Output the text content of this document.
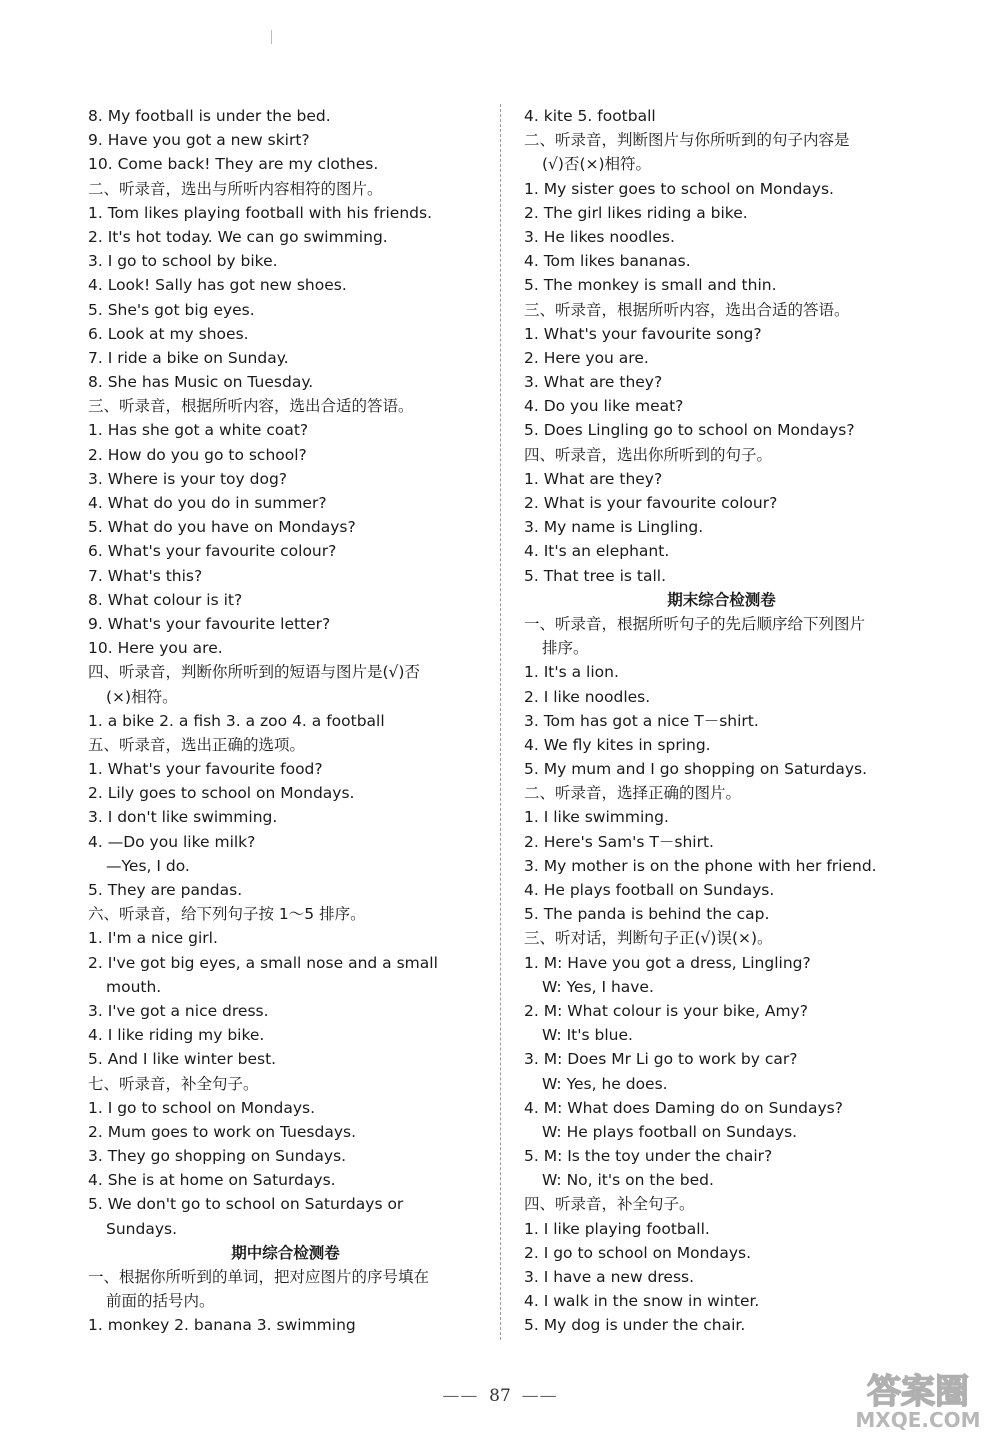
8. My football is under the bed.
9. Have you got a new skirt?
10. Come back! They are my clothes.
二、听录音，选出与所听内容相符的图片。
1. Tom likes playing football with his friends.
2. It's hot today. We can go swimming.
3. I go to school by bike.
4. Look! Sally has got new shoes.
5. She's got big eyes.
6. Look at my shoes.
7. I ride a bike on Sunday.
8. She has Music on Tuesday.
三、听录音，根据所听内容，选出合适的答语。
1. Has she got a white coat?
2. How do you go to school?
3. Where is your toy dog?
4. What do you do in summer?
5. What do you have on Mondays?
6. What's your favourite colour?
7. What's this?
8. What colour is it?
9. What's your favourite letter?
10. Here you are.
四、听录音，判断你所听到的短语与图片是(√)否
(×)相符。
1. a bike 2. a fish 3. a zoo 4. a football
五、听录音，选出正确的选项。
1. What's your favourite food?
2. Lily goes to school on Mondays.
3. I don't like swimming.
4. —Do you like milk?
—Yes, I do.
5. They are pandas.
六、听录音，给下列句子按 1～5 排序。
1. I'm a nice girl.
2. I've got big eyes, a small nose and a small
mouth.
3. I've got a nice dress.
4. I like riding my bike.
5. And I like winter best.
七、听录音，补全句子。
1. I go to school on Mondays.
2. Mum goes to work on Tuesdays.
3. They go shopping on Sundays.
4. She is at home on Saturdays.
5. We don't go to school on Saturdays or
Sundays.
期中综合检测卷
一、根据你所听到的单词，把对应图片的序号填在
前面的括号内。
1. monkey 2. banana 3. swimming
4. kite 5. football
二、听录音，判断图片与你所听到的句子内容是
(√)否(×)相符。
1. My sister goes to school on Mondays.
2. The girl likes riding a bike.
3. He likes noodles.
4. Tom likes bananas.
5. The monkey is small and thin.
三、听录音，根据所听内容，选出合适的答语。
1. What's your favourite song?
2. Here you are.
3. What are they?
4. Do you like meat?
5. Does Lingling go to school on Mondays?
四、听录音，选出你所听到的句子。
1. What are they?
2. What is your favourite colour?
3. My name is Lingling.
4. It's an elephant.
5. That tree is tall.
期末综合检测卷
一、听录音，根据所听句子的先后顺序给下列图片
排序。
1. It's a lion.
2. I like noodles.
3. Tom has got a nice T－shirt.
4. We fly kites in spring.
5. My mum and I go shopping on Saturdays.
二、听录音，选择正确的图片。
1. I like swimming.
2. Here's Sam's T－shirt.
3. My mother is on the phone with her friend.
4. He plays football on Sundays.
5. The panda is behind the cap.
三、听对话，判断句子正(√)误(×)。
1. M: Have you got a dress, Lingling?
W: Yes, I have.
2. M: What colour is your bike, Amy?
W: It's blue.
3. M: Does Mr Li go to work by car?
W: Yes, he does.
4. M: What does Daming do on Sundays?
W: He plays football on Sundays.
5. M: Is the toy under the chair?
W: No, it's on the bed.
四、听录音，补全句子。
1. I like playing football.
2. I go to school on Mondays.
3. I have a new dress.
4. I walk in the snow in winter.
5. My dog is under the chair.
—— 87 ——	答案圈
MXQE.COM
